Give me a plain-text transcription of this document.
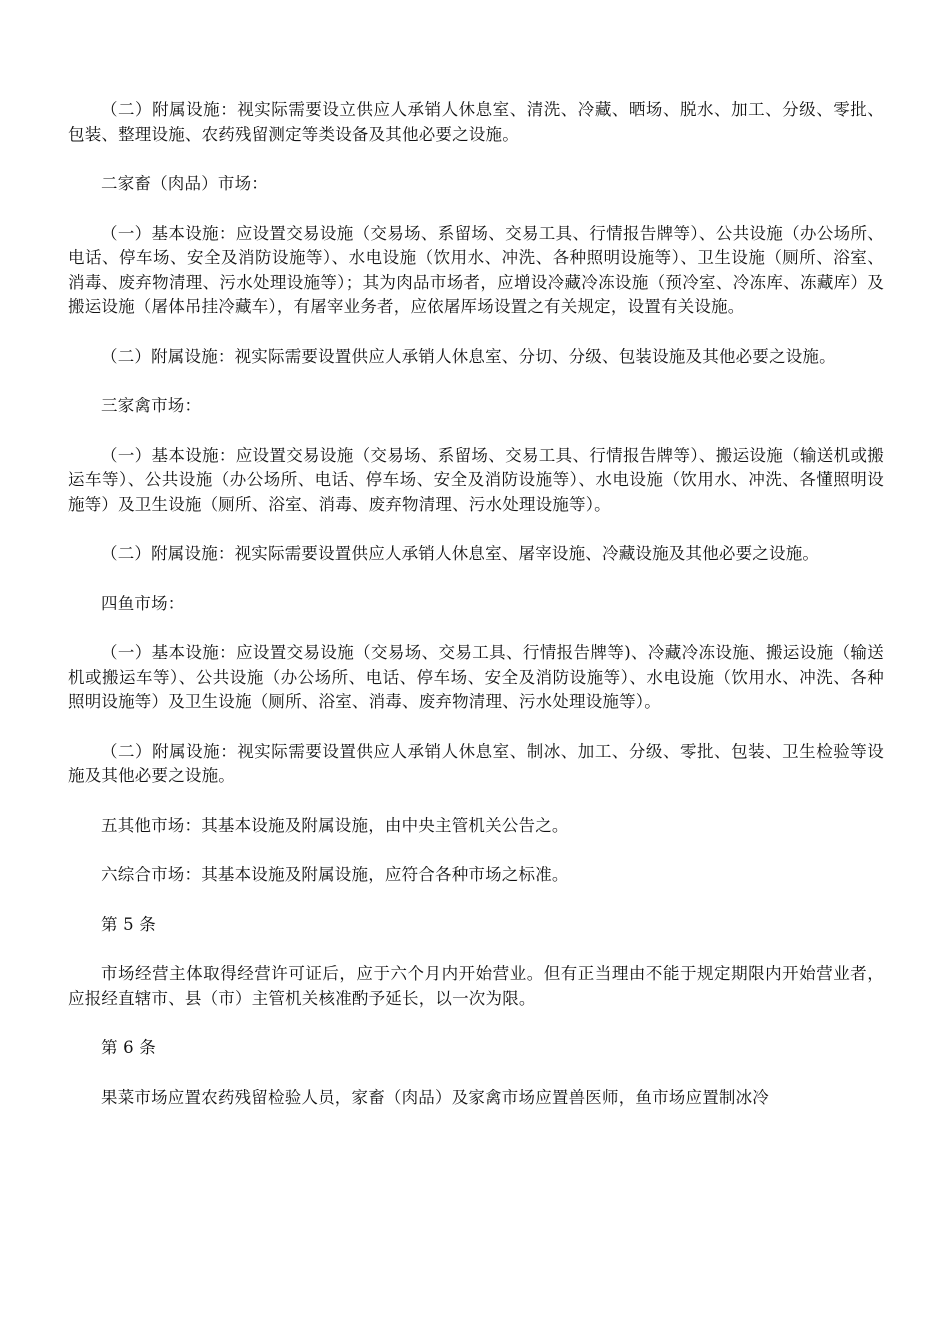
（二）附属设施：视实际需要设立供应人承销人休息室、清洗、冷藏、晒场、脱水、加工、分级、零批、包装、整理设施、农药残留测定等类设备及其他必要之设施。

二家畜（肉品）市场：

（一）基本设施：应设置交易设施（交易场、系留场、交易工具、行情报告牌等）、公共设施（办公场所、电话、停车场、安全及消防设施等）、水电设施（饮用水、冲洗、各种照明设施等）、卫生设施（厕所、浴室、消毒、废弃物清理、污水处理设施等）；其为肉品市场者，应增设冷藏冷冻设施（预冷室、冷冻库、冻藏库）及搬运设施（屠体吊挂冷藏车），有屠宰业务者，应依屠厍场设置之有关规定，设置有关设施。

（二）附属设施：视实际需要设置供应人承销人休息室、分切、分级、包装设施及其他必要之设施。

三家禽市场：

（一）基本设施：应设置交易设施（交易场、系留场、交易工具、行情报告牌等）、搬运设施（输送机或搬运车等）、公共设施（办公场所、电话、停车场、安全及消防设施等）、水电设施（饮用水、冲洗、各懂照明设施等）及卫生设施（厕所、浴室、消毒、废弃物清理、污水处理设施等）。

（二）附属设施：视实际需要设置供应人承销人休息室、屠宰设施、冷藏设施及其他必要之设施。

四鱼市场：

（一）基本设施：应设置交易设施（交易场、交易工具、行情报告牌等)、冷藏冷冻设施、搬运设施（输送机或搬运车等）、公共设施（办公场所、电话、停车场、安全及消防设施等）、水电设施（饮用水、冲洗、各种照明设施等）及卫生设施（厕所、浴室、消毒、废弃物清理、污水处理设施等）。

（二）附属设施：视实际需要设置供应人承销人休息室、制冰、加工、分级、零批、包装、卫生检验等设施及其他必要之设施。

五其他市场：其基本设施及附属设施，由中央主管机关公告之。

六综合市场：其基本设施及附属设施，应符合各种市场之标准。

第 5 条

市场经营主体取得经营许可证后，应于六个月内开始营业。但有正当理由不能于规定期限内开始营业者，应报经直辖市、县（市）主管机关核准酌予延长，以一次为限。

第 6 条

果菜市场应置农药残留检验人员，家畜（肉品）及家禽市场应置兽医师，鱼市场应置制冰冷
